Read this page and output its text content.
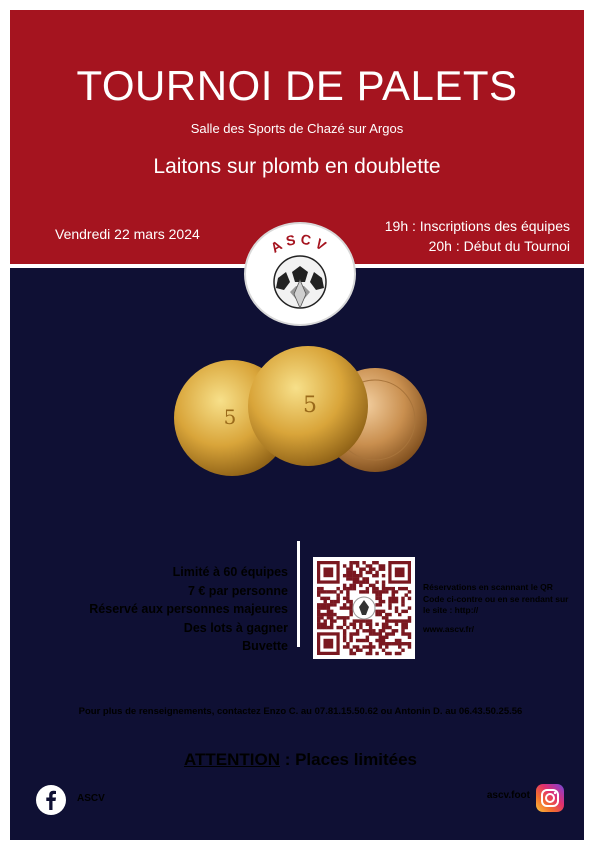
TOURNOI DE PALETS
Salle des Sports de Chazé sur Argos
Laitons sur plomb en doublette
Vendredi 22 mars 2024	19h : Inscriptions des équipes
20h : Début du Tournoi
ASCV
5	5
Limité à 60 équipes
7 € par personne
Réservé aux personnes majeures
Des lots à gagner
Buvette
Réservations en scannant le QR Code ci-contre ou en se rendant sur le site : http://
www.ascv.fr/
Pour plus de renseignements, contactez Enzo C. au 07.81.15.50.62 ou Antonin D. au 06.43.50.25.56
ATTENTION : Places limitées
ASCV	ascv.foot
